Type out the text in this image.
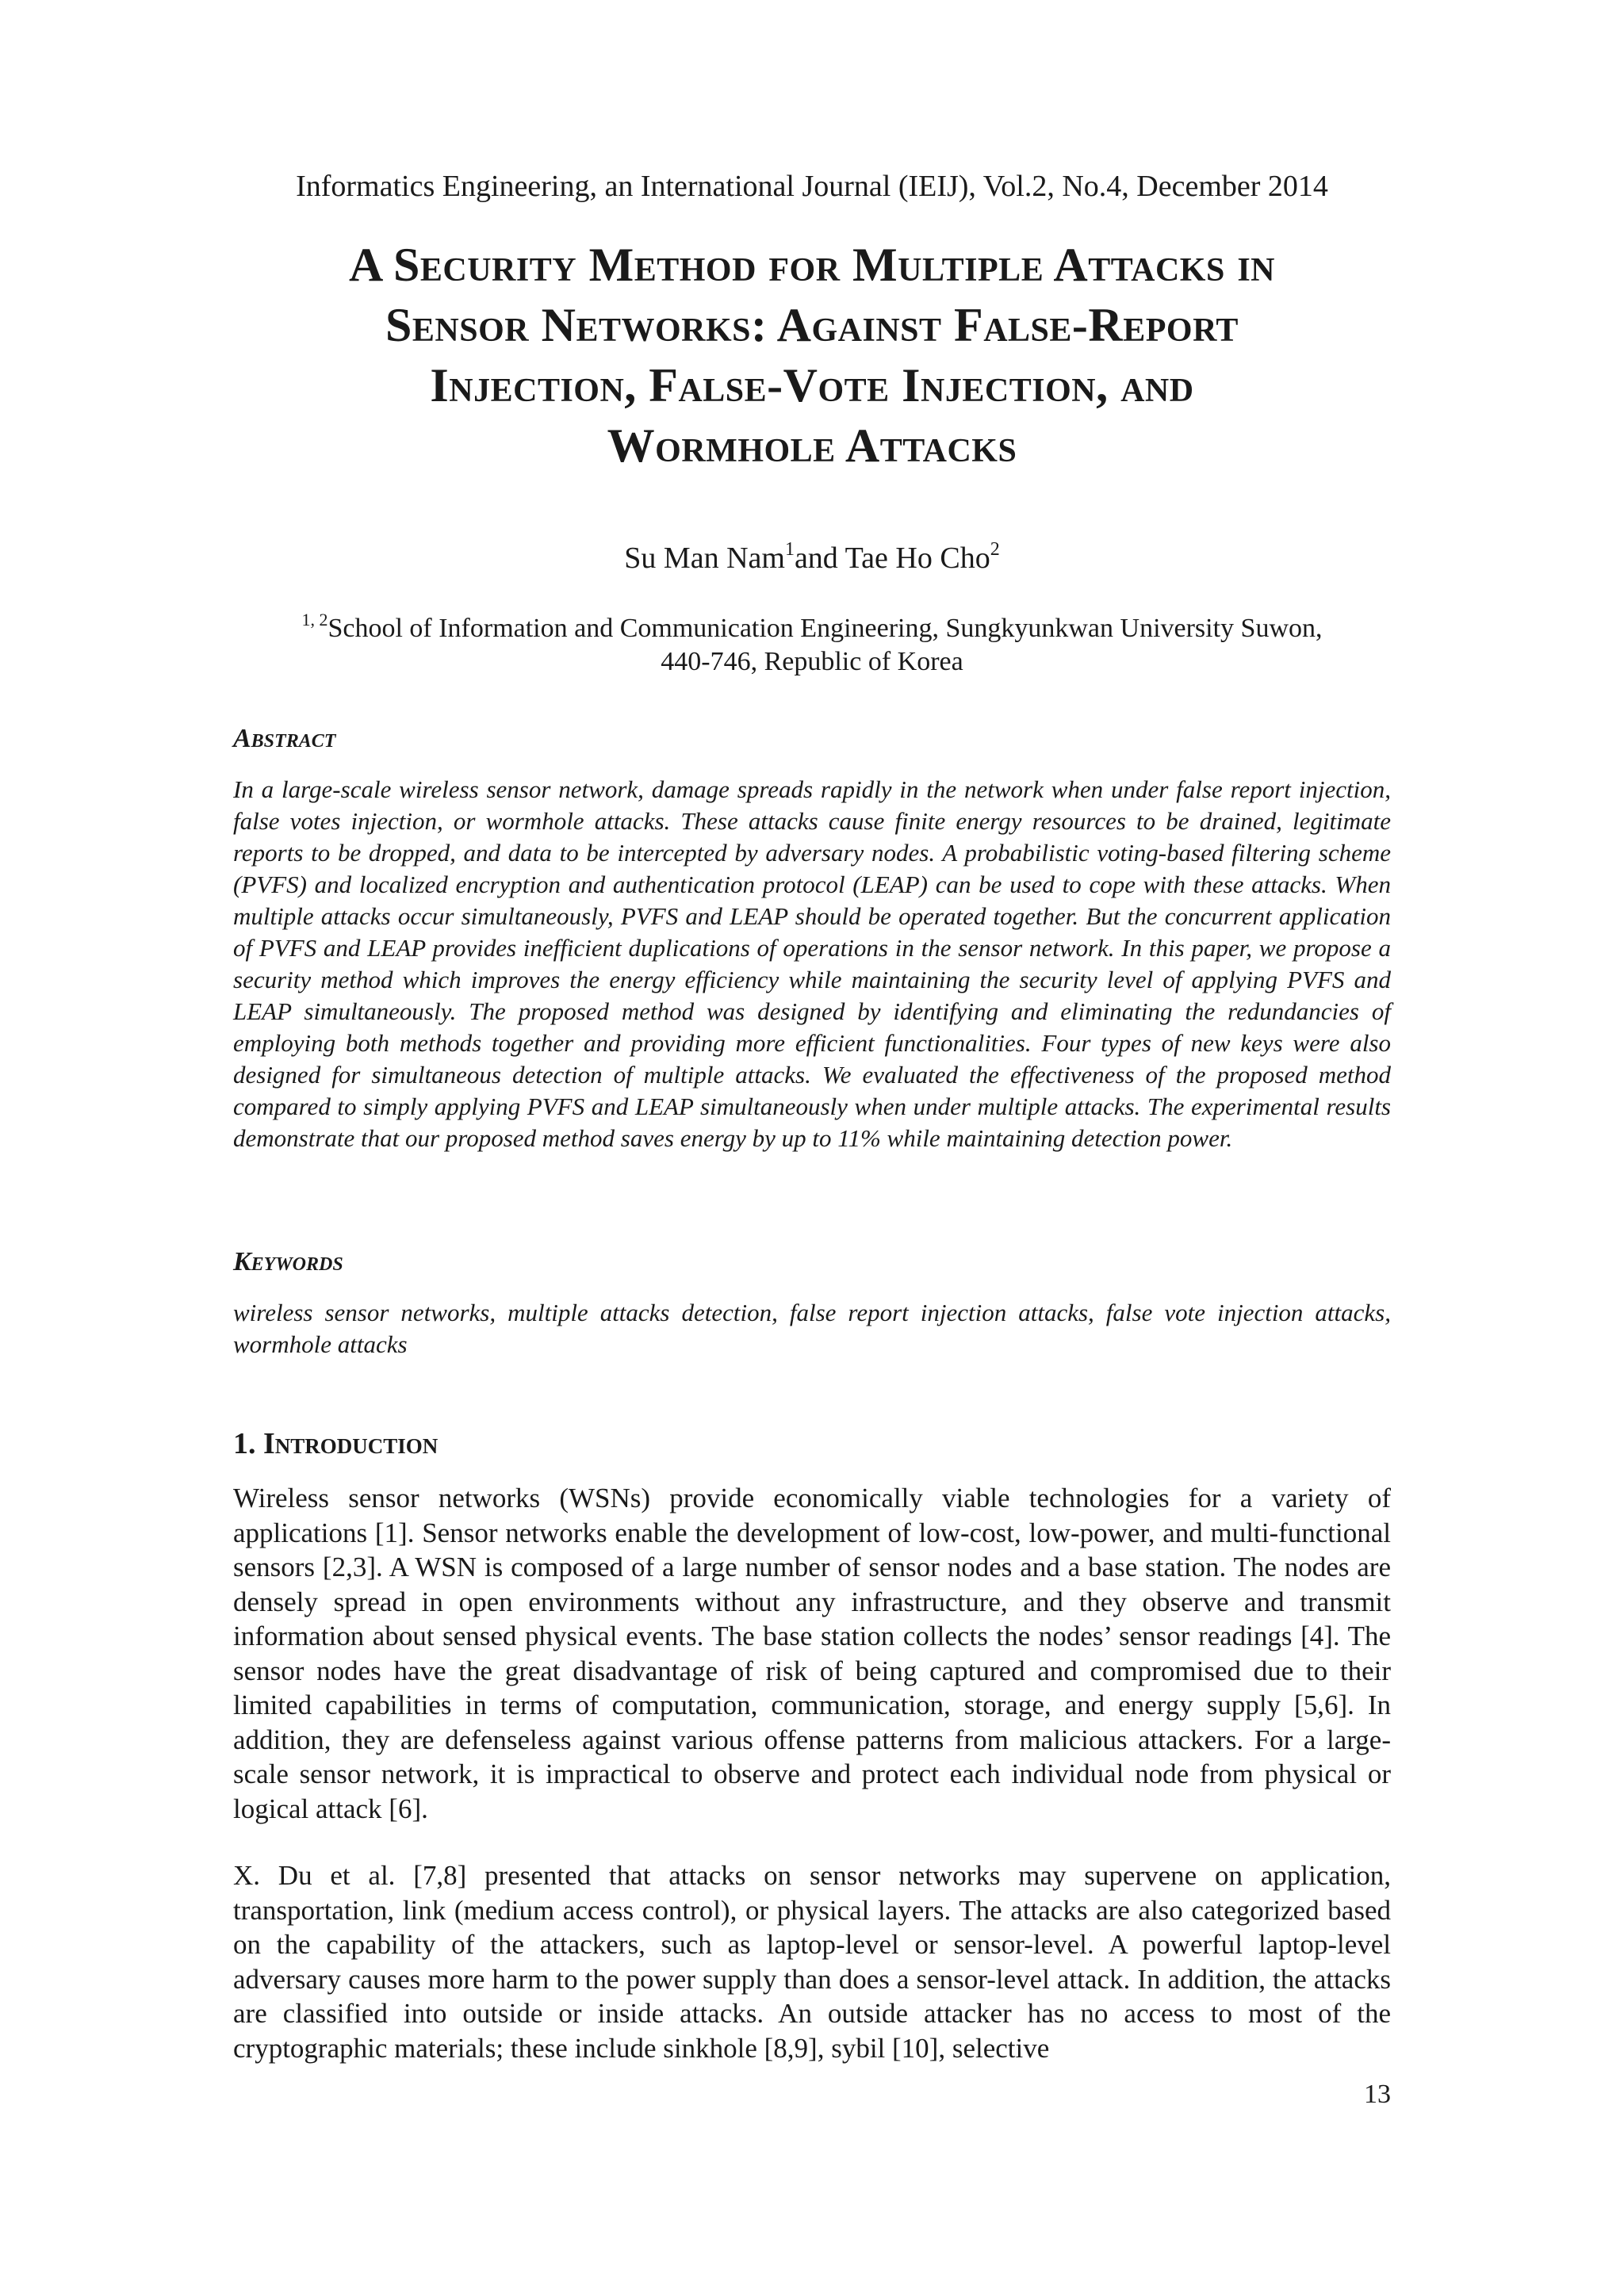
Informatics Engineering, an International Journal (IEIJ), Vol.2, No.4, December 2014
A Security Method for Multiple Attacks in
Sensor Networks: Against False-Report
Injection, False-Vote Injection, and
Wormhole Attacks
Su Man Nam$^1$and Tae Ho Cho$^2$
$^{1, 2}$School of Information and Communication Engineering, Sungkyunkwan University Suwon,
440-746, Republic of Korea
Abstract

In a large-scale wireless sensor network, damage spreads rapidly in the network when under false report injection, false votes injection, or wormhole attacks. These attacks cause finite energy resources to be drained, legitimate reports to be dropped, and data to be intercepted by adversary nodes. A probabilistic voting-based filtering scheme (PVFS) and localized encryption and authentication protocol (LEAP) can be used to cope with these attacks. When multiple attacks occur simultaneously, PVFS and LEAP should be operated together. But the concurrent application of PVFS and LEAP provides inefficient duplications of operations in the sensor network. In this paper, we propose a security method which improves the energy efficiency while maintaining the security level of applying PVFS and LEAP simultaneously. The proposed method was designed by identifying and eliminating the redundancies of employing both methods together and providing more efficient functionalities. Four types of new keys were also designed for simultaneous detection of multiple attacks. We evaluated the effectiveness of the proposed method compared to simply applying PVFS and LEAP simultaneously when under multiple attacks. The experimental results demonstrate that our proposed method saves energy by up to 11% while maintaining detection power.

Keywords

wireless sensor networks, multiple attacks detection, false report injection attacks, false vote injection attacks, wormhole attacks

1. Introduction

Wireless sensor networks (WSNs) provide economically viable technologies for a variety of applications [1]. Sensor networks enable the development of low-cost, low-power, and multi-functional sensors [2,3]. A WSN is composed of a large number of sensor nodes and a base station. The nodes are densely spread in open environments without any infrastructure, and they observe and transmit information about sensed physical events. The base station collects the nodes’ sensor readings [4]. The sensor nodes have the great disadvantage of risk of being captured and compromised due to their limited capabilities in terms of computation, communication, storage, and energy supply [5,6]. In addition, they are defenseless against various offense patterns from malicious attackers. For a large-scale sensor network, it is impractical to observe and protect each individual node from physical or logical attack [6].

X. Du et al. [7,8] presented that attacks on sensor networks may supervene on application, transportation, link (medium access control), or physical layers. The attacks are also categorized based on the capability of the attackers, such as laptop-level or sensor-level. A powerful laptop-level adversary causes more harm to the power supply than does a sensor-level attack. In addition, the attacks are classified into outside or inside attacks. An outside attacker has no access to most of the cryptographic materials; these include sinkhole [8,9], sybil [10], selective

13
